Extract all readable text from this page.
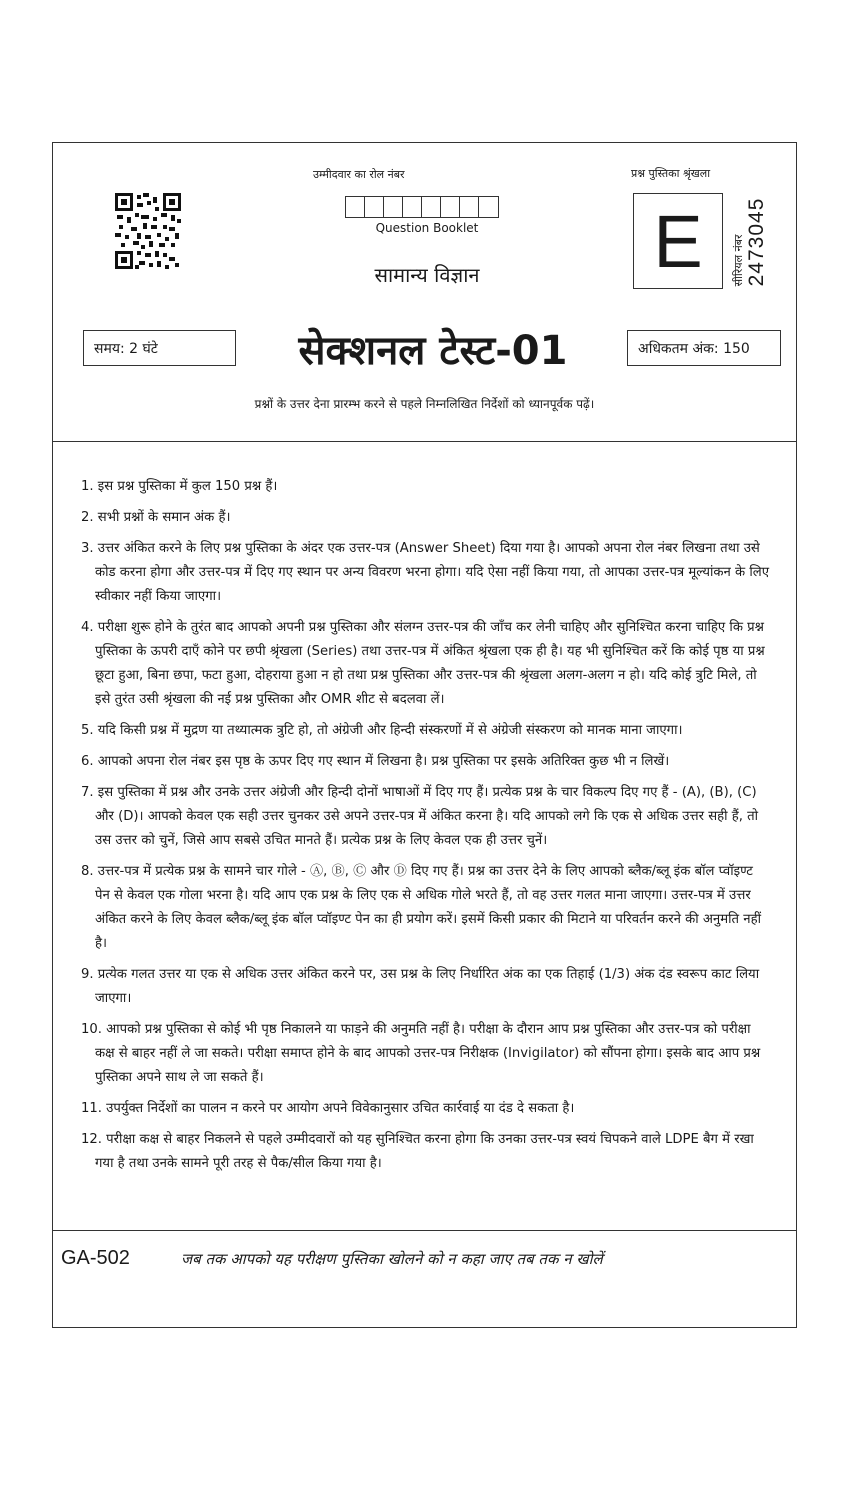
उम्मीदवार का रोल नंबर
Question Booklet
सामान्य विज्ञान
प्रश्न पुस्तिका श्रृंखला
E	सीरियल नंबर 2473045
समय: 2 घंटे	सेक्शनल टेस्ट-01	अधिकतम अंक: 150
प्रश्नों के उत्तर देना प्रारम्भ करने से पहले निम्नलिखित निर्देशों को ध्यानपूर्वक पढ़ें।
1. इस प्रश्न पुस्तिका में कुल 150 प्रश्न हैं।
2. सभी प्रश्नों के समान अंक हैं।
3. उत्तर अंकित करने के लिए प्रश्न पुस्तिका के अंदर एक उत्तर-पत्र (Answer Sheet) दिया गया है। आपको अपना रोल नंबर लिखना तथा उसे कोड करना होगा और उत्तर-पत्र में दिए गए स्थान पर अन्य विवरण भरना होगा। यदि ऐसा नहीं किया गया, तो आपका उत्तर-पत्र मूल्यांकन के लिए स्वीकार नहीं किया जाएगा।
4. परीक्षा शुरू होने के तुरंत बाद आपको अपनी प्रश्न पुस्तिका और संलग्न उत्तर-पत्र की जाँच कर लेनी चाहिए और सुनिश्चित करना चाहिए कि प्रश्न पुस्तिका के ऊपरी दाएँ कोने पर छपी श्रृंखला (Series) तथा उत्तर-पत्र में अंकित श्रृंखला एक ही है। यह भी सुनिश्चित करें कि कोई पृष्ठ या प्रश्न छूटा हुआ, बिना छपा, फटा हुआ, दोहराया हुआ न हो तथा प्रश्न पुस्तिका और उत्तर-पत्र की श्रृंखला अलग-अलग न हो। यदि कोई त्रुटि मिले, तो इसे तुरंत उसी श्रृंखला की नई प्रश्न पुस्तिका और OMR शीट से बदलवा लें।
5. यदि किसी प्रश्न में मुद्रण या तथ्यात्मक त्रुटि हो, तो अंग्रेजी और हिन्दी संस्करणों में से अंग्रेजी संस्करण को मानक माना जाएगा।
6. आपको अपना रोल नंबर इस पृष्ठ के ऊपर दिए गए स्थान में लिखना है। प्रश्न पुस्तिका पर इसके अतिरिक्त कुछ भी न लिखें।
7. इस पुस्तिका में प्रश्न और उनके उत्तर अंग्रेजी और हिन्दी दोनों भाषाओं में दिए गए हैं। प्रत्येक प्रश्न के चार विकल्प दिए गए हैं - (A), (B), (C) और (D)। आपको केवल एक सही उत्तर चुनकर उसे अपने उत्तर-पत्र में अंकित करना है। यदि आपको लगे कि एक से अधिक उत्तर सही हैं, तो उस उत्तर को चुनें, जिसे आप सबसे उचित मानते हैं। प्रत्येक प्रश्न के लिए केवल एक ही उत्तर चुनें।
8. उत्तर-पत्र में प्रत्येक प्रश्न के सामने चार गोले - Ⓐ, Ⓑ, Ⓒ और Ⓓ दिए गए हैं। प्रश्न का उत्तर देने के लिए आपको ब्लैक/ब्लू इंक बॉल प्वॉइण्ट पेन से केवल एक गोला भरना है। यदि आप एक प्रश्न के लिए एक से अधिक गोले भरते हैं, तो वह उत्तर गलत माना जाएगा। उत्तर-पत्र में उत्तर अंकित करने के लिए केवल ब्लैक/ब्लू इंक बॉल प्वॉइण्ट पेन का ही प्रयोग करें। इसमें किसी प्रकार की मिटाने या परिवर्तन करने की अनुमति नहीं है।
9. प्रत्येक गलत उत्तर या एक से अधिक उत्तर अंकित करने पर, उस प्रश्न के लिए निर्धारित अंक का एक तिहाई (1/3) अंक दंड स्वरूप काट लिया जाएगा।
10. आपको प्रश्न पुस्तिका से कोई भी पृष्ठ निकालने या फाड़ने की अनुमति नहीं है। परीक्षा के दौरान आप प्रश्न पुस्तिका और उत्तर-पत्र को परीक्षा कक्ष से बाहर नहीं ले जा सकते। परीक्षा समाप्त होने के बाद आपको उत्तर-पत्र निरीक्षक (Invigilator) को सौंपना होगा। इसके बाद आप प्रश्न पुस्तिका अपने साथ ले जा सकते हैं।
11. उपर्युक्त निर्देशों का पालन न करने पर आयोग अपने विवेकानुसार उचित कार्रवाई या दंड दे सकता है।
12. परीक्षा कक्ष से बाहर निकलने से पहले उम्मीदवारों को यह सुनिश्चित करना होगा कि उनका उत्तर-पत्र स्वयं चिपकने वाले LDPE बैग में रखा गया है तथा उनके सामने पूरी तरह से पैक/सील किया गया है।
GA-502	जब तक आपको यह परीक्षण पुस्तिका खोलने को न कहा जाए तब तक न खोलें
